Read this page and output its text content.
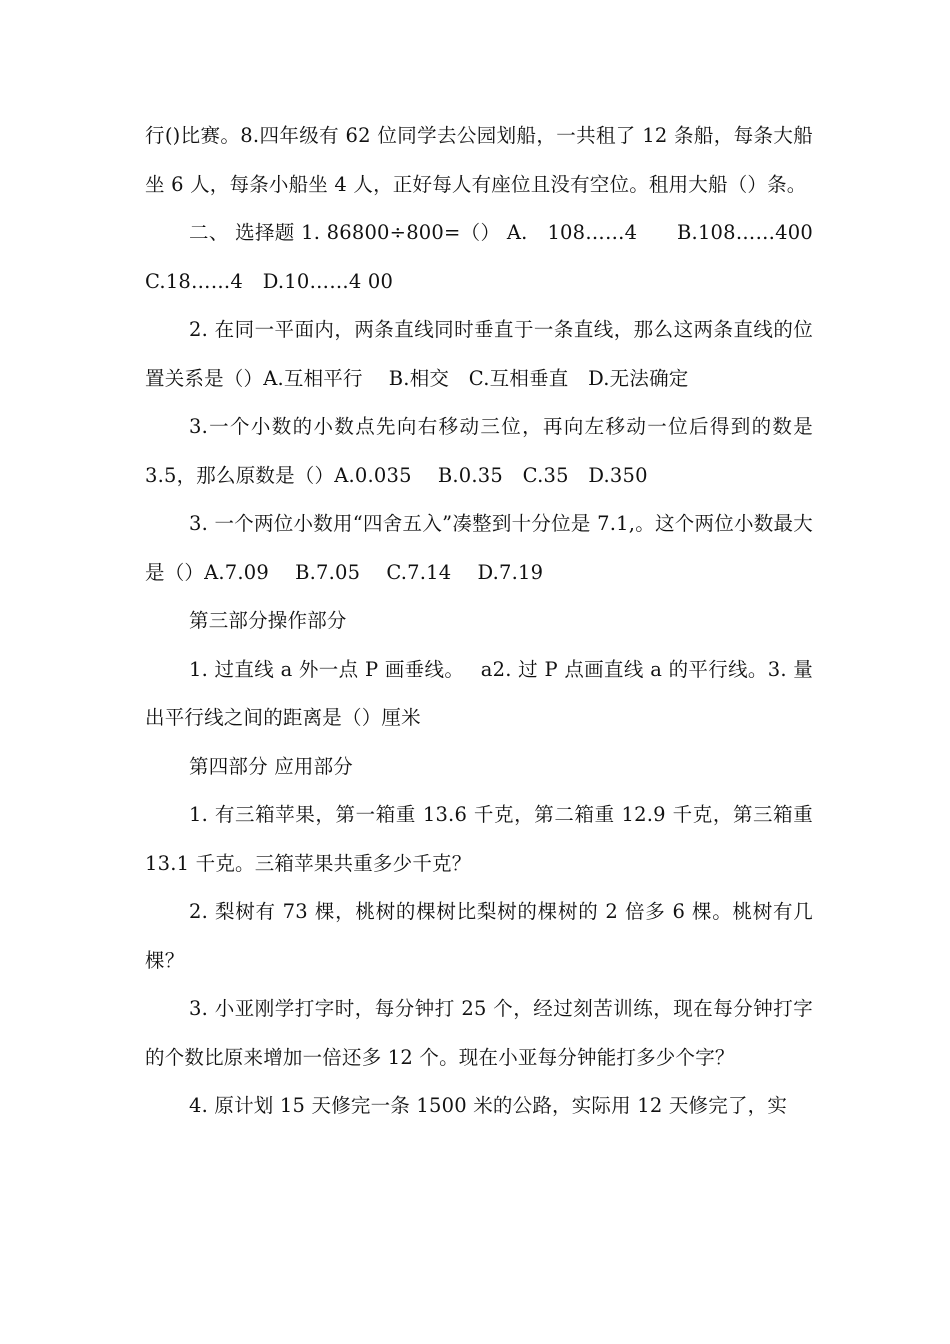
行()比赛。8.四年级有 62 位同学去公园划船，一共租了 12 条船，每条大船坐 6 人，每条小船坐 4 人，正好每人有座位且没有空位。租用大船（）条。

二、 选择题 1. 86800÷800=（） A.　108……4　　B.108……400　C.18……4　D.10……4 00

2. 在同一平面内，两条直线同时垂直于一条直线，那么这两条直线的位置关系是（）A.互相平行　 B.相交　C.互相垂直　D.无法确定

3.一个小数的小数点先向右移动三位，再向左移动一位后得到的数是 3.5，那么原数是（）A.0.035　 B.0.35　C.35　D.350

3. 一个两位小数用“四舍五入”凑整到十分位是 7.1,。这个两位小数最大是（）A.7.09　 B.7.05　 C.7.14　 D.7.19

第三部分操作部分

1. 过直线 a 外一点 P 画垂线。　 a2. 过 P 点画直线 a 的平行线。3. 量出平行线之间的距离是（）厘米

第四部分 应用部分

1. 有三箱苹果，第一箱重 13.6 千克，第二箱重 12.9 千克，第三箱重 13.1 千克。三箱苹果共重多少千克？

2. 梨树有 73 棵，桃树的棵树比梨树的棵树的 2 倍多 6 棵。桃树有几棵？

3. 小亚刚学打字时，每分钟打 25 个，经过刻苦训练，现在每分钟打字的个数比原来增加一倍还多 12 个。现在小亚每分钟能打多少个字？

4. 原计划 15 天修完一条 1500 米的公路，实际用 12 天修完了，实
